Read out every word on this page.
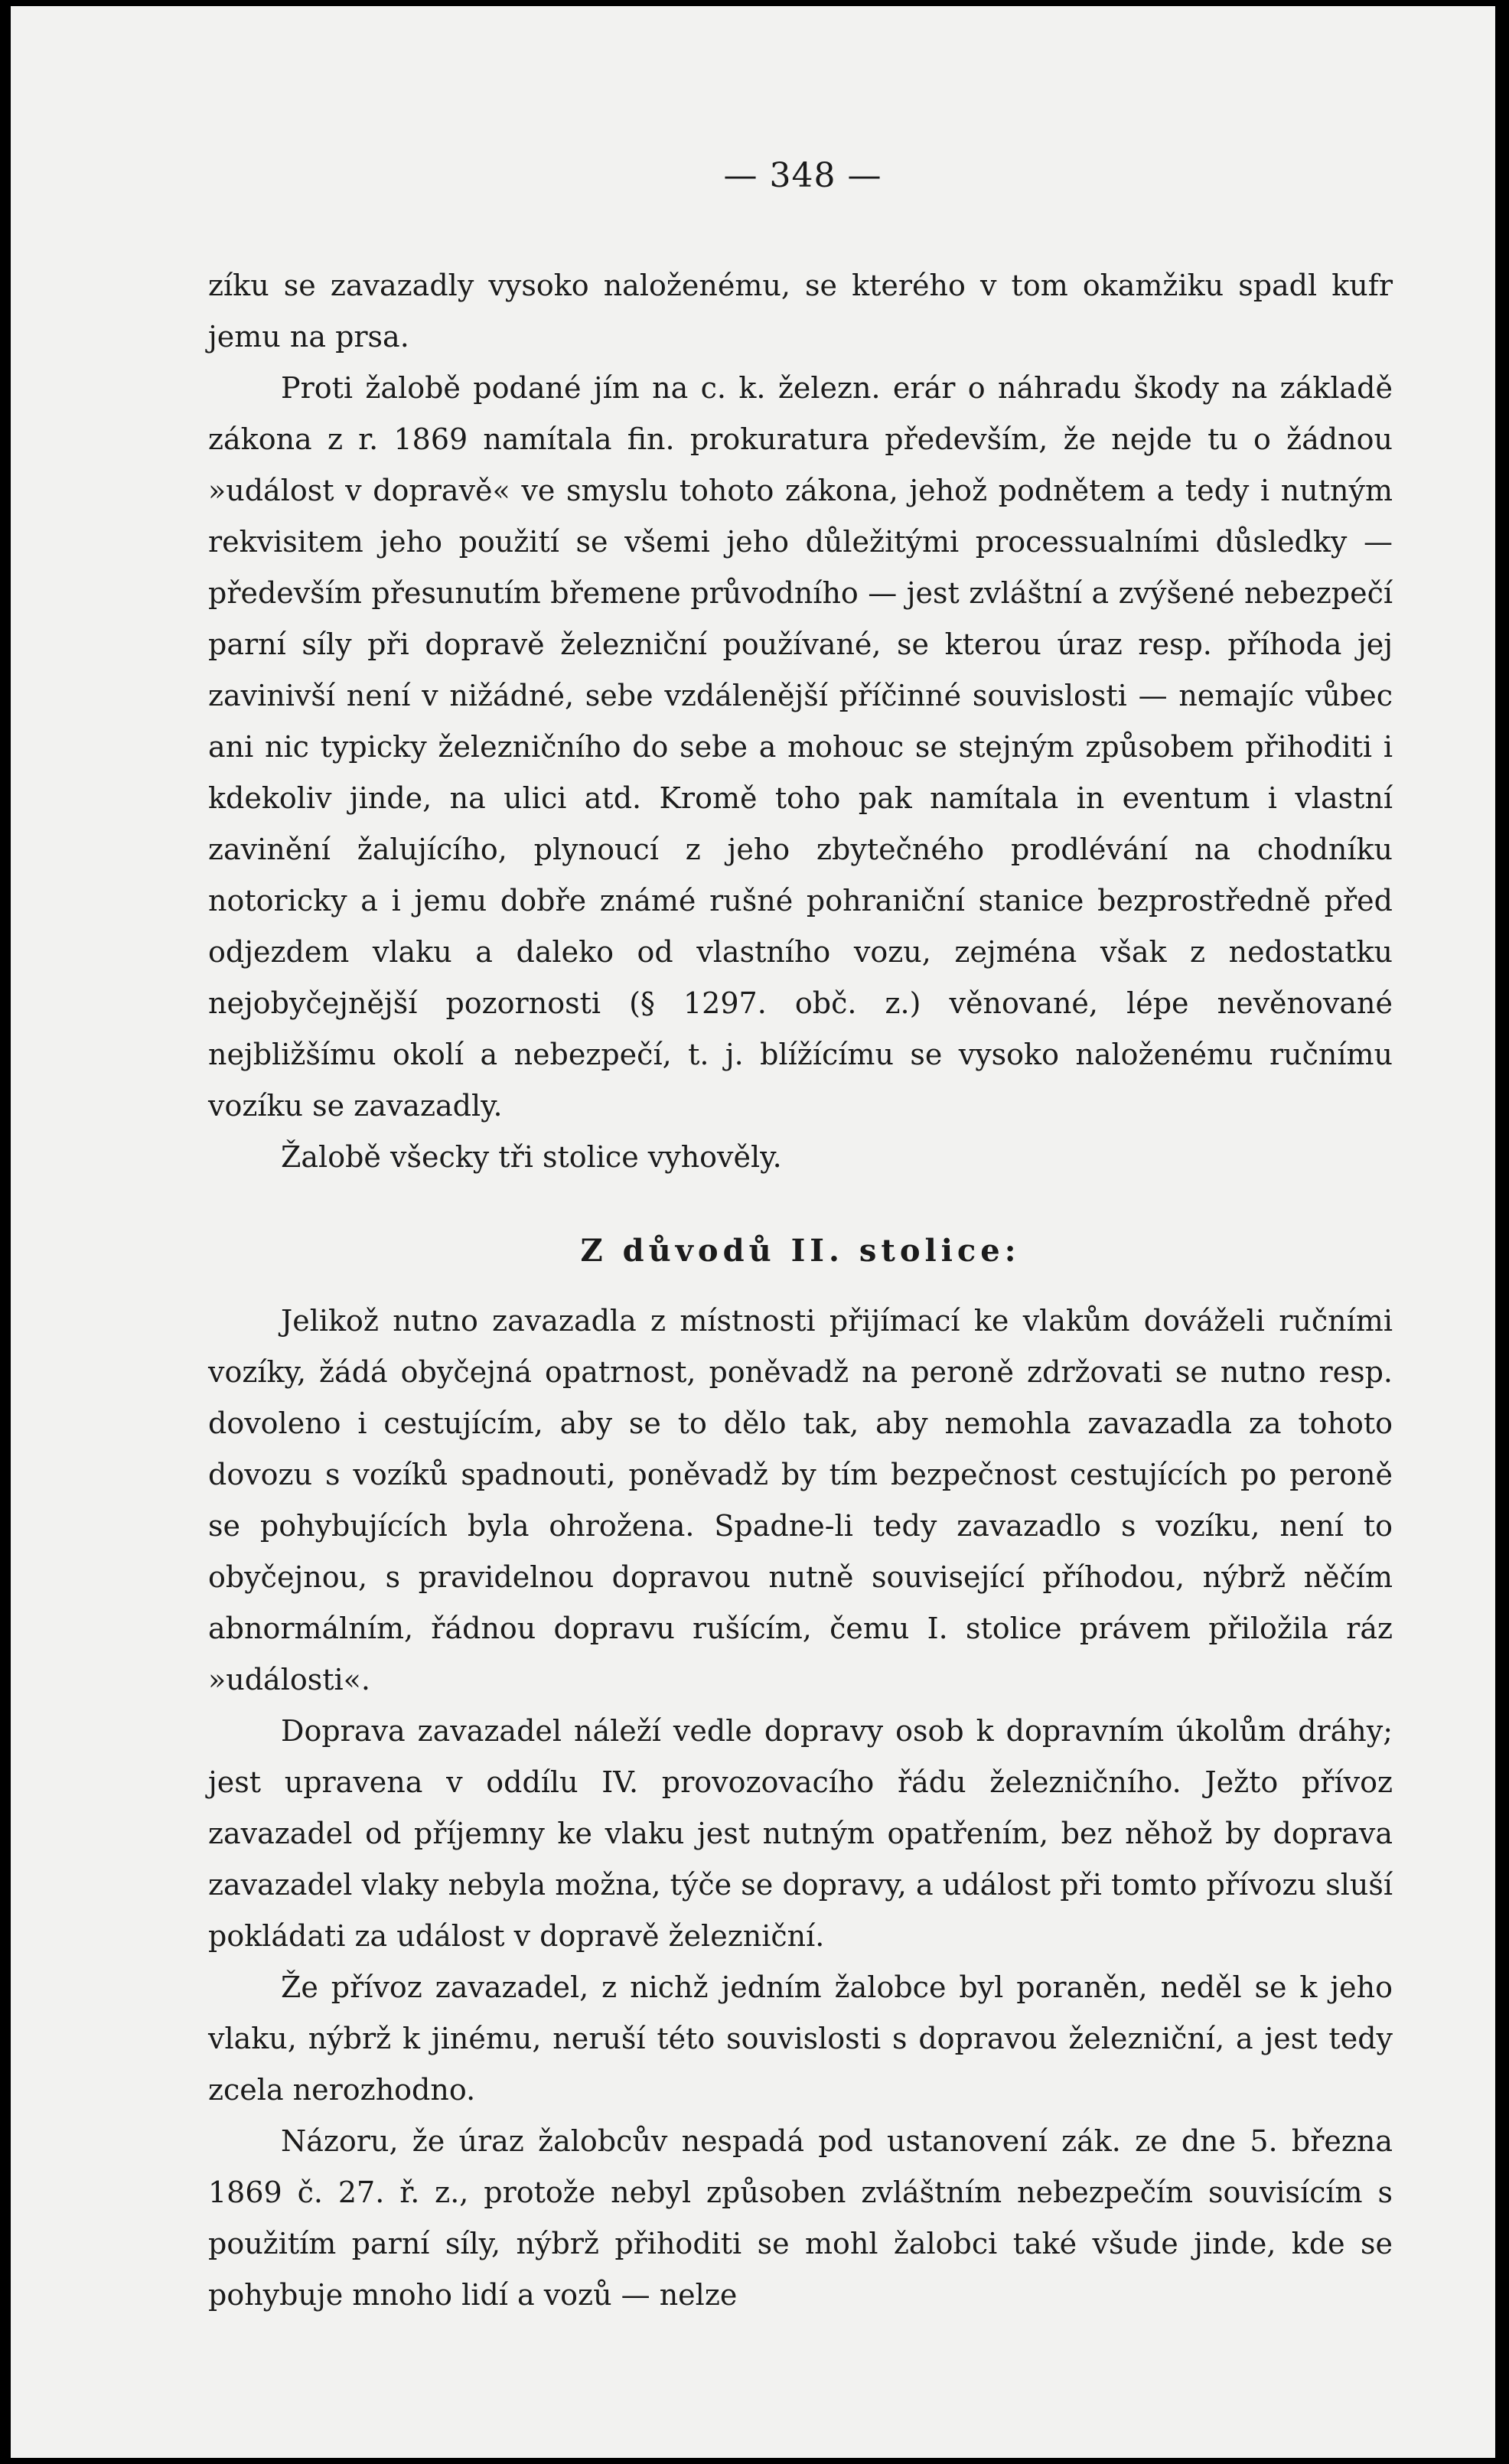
— 348 —

zíku se zavazadly vysoko naloženému, se kterého v tom okamžiku spadl kufr jemu na prsa.

Proti žalobě podané jím na c. k. železn. erár o náhradu škody na základě zákona z r. 1869 namítala fin. prokuratura především, že nejde tu o žádnou »událost v dopravě« ve smyslu tohoto zákona, jehož podnětem a tedy i nutným rekvisitem jeho použití se všemi jeho důležitými processualními důsledky — především přesunutím břemene průvodního — jest zvláštní a zvýšené nebezpečí parní síly při dopravě železniční používané, se kterou úraz resp. příhoda jej zavinivší není v nižádné, sebe vzdálenější příčinné souvislosti — nemajíc vůbec ani nic typicky železničního do sebe a mohouc se stejným způsobem přihoditi i kdekoliv jinde, na ulici atd. Kromě toho pak namítala in eventum i vlastní zavinění žalujícího, plynoucí z jeho zbytečného prodlévání na chodníku notoricky a i jemu dobře známé rušné pohraniční stanice bezprostředně před odjezdem vlaku a daleko od vlastního vozu, zejména však z nedostatku nejobyčejnější pozornosti (§ 1297. obč. z.) věnované, lépe nevěnované nejbližšímu okolí a nebezpečí, t. j. blížícímu se vysoko naloženému ručnímu vozíku se zavazadly.

Žalobě všecky tři stolice vyhověly.

Z důvodů II. stolice:

Jelikož nutno zavazadla z místnosti přijímací ke vlakům dováželi ručními vozíky, žádá obyčejná opatrnost, poněvadž na peroně zdržovati se nutno resp. dovoleno i cestujícím, aby se to dělo tak, aby nemohla zavazadla za tohoto dovozu s vozíků spadnouti, poněvadž by tím bezpečnost cestujících po peroně se pohybujících byla ohrožena. Spadne-li tedy zavazadlo s vozíku, není to obyčejnou, s pravidelnou dopravou nutně související příhodou, nýbrž něčím abnormálním, řádnou dopravu rušícím, čemu I. stolice právem přiložila ráz »události«.

Doprava zavazadel náleží vedle dopravy osob k dopravním úkolům dráhy; jest upravena v oddílu IV. provozovacího řádu železničního. Ježto přívoz zavazadel od příjemny ke vlaku jest nutným opatřením, bez něhož by doprava zavazadel vlaky nebyla možna, týče se dopravy, a událost při tomto přívozu sluší pokládati za událost v dopravě železniční.

Že přívoz zavazadel, z nichž jedním žalobce byl poraněn, neděl se k jeho vlaku, nýbrž k jinému, neruší této souvislosti s dopravou železniční, a jest tedy zcela nerozhodno.

Názoru, že úraz žalobcův nespadá pod ustanovení zák. ze dne 5. března 1869 č. 27. ř. z., protože nebyl způsoben zvláštním nebezpečím souvisícím s použitím parní síly, nýbrž přihoditi se mohl žalobci také všude jinde, kde se pohybuje mnoho lidí a vozů — nelze
